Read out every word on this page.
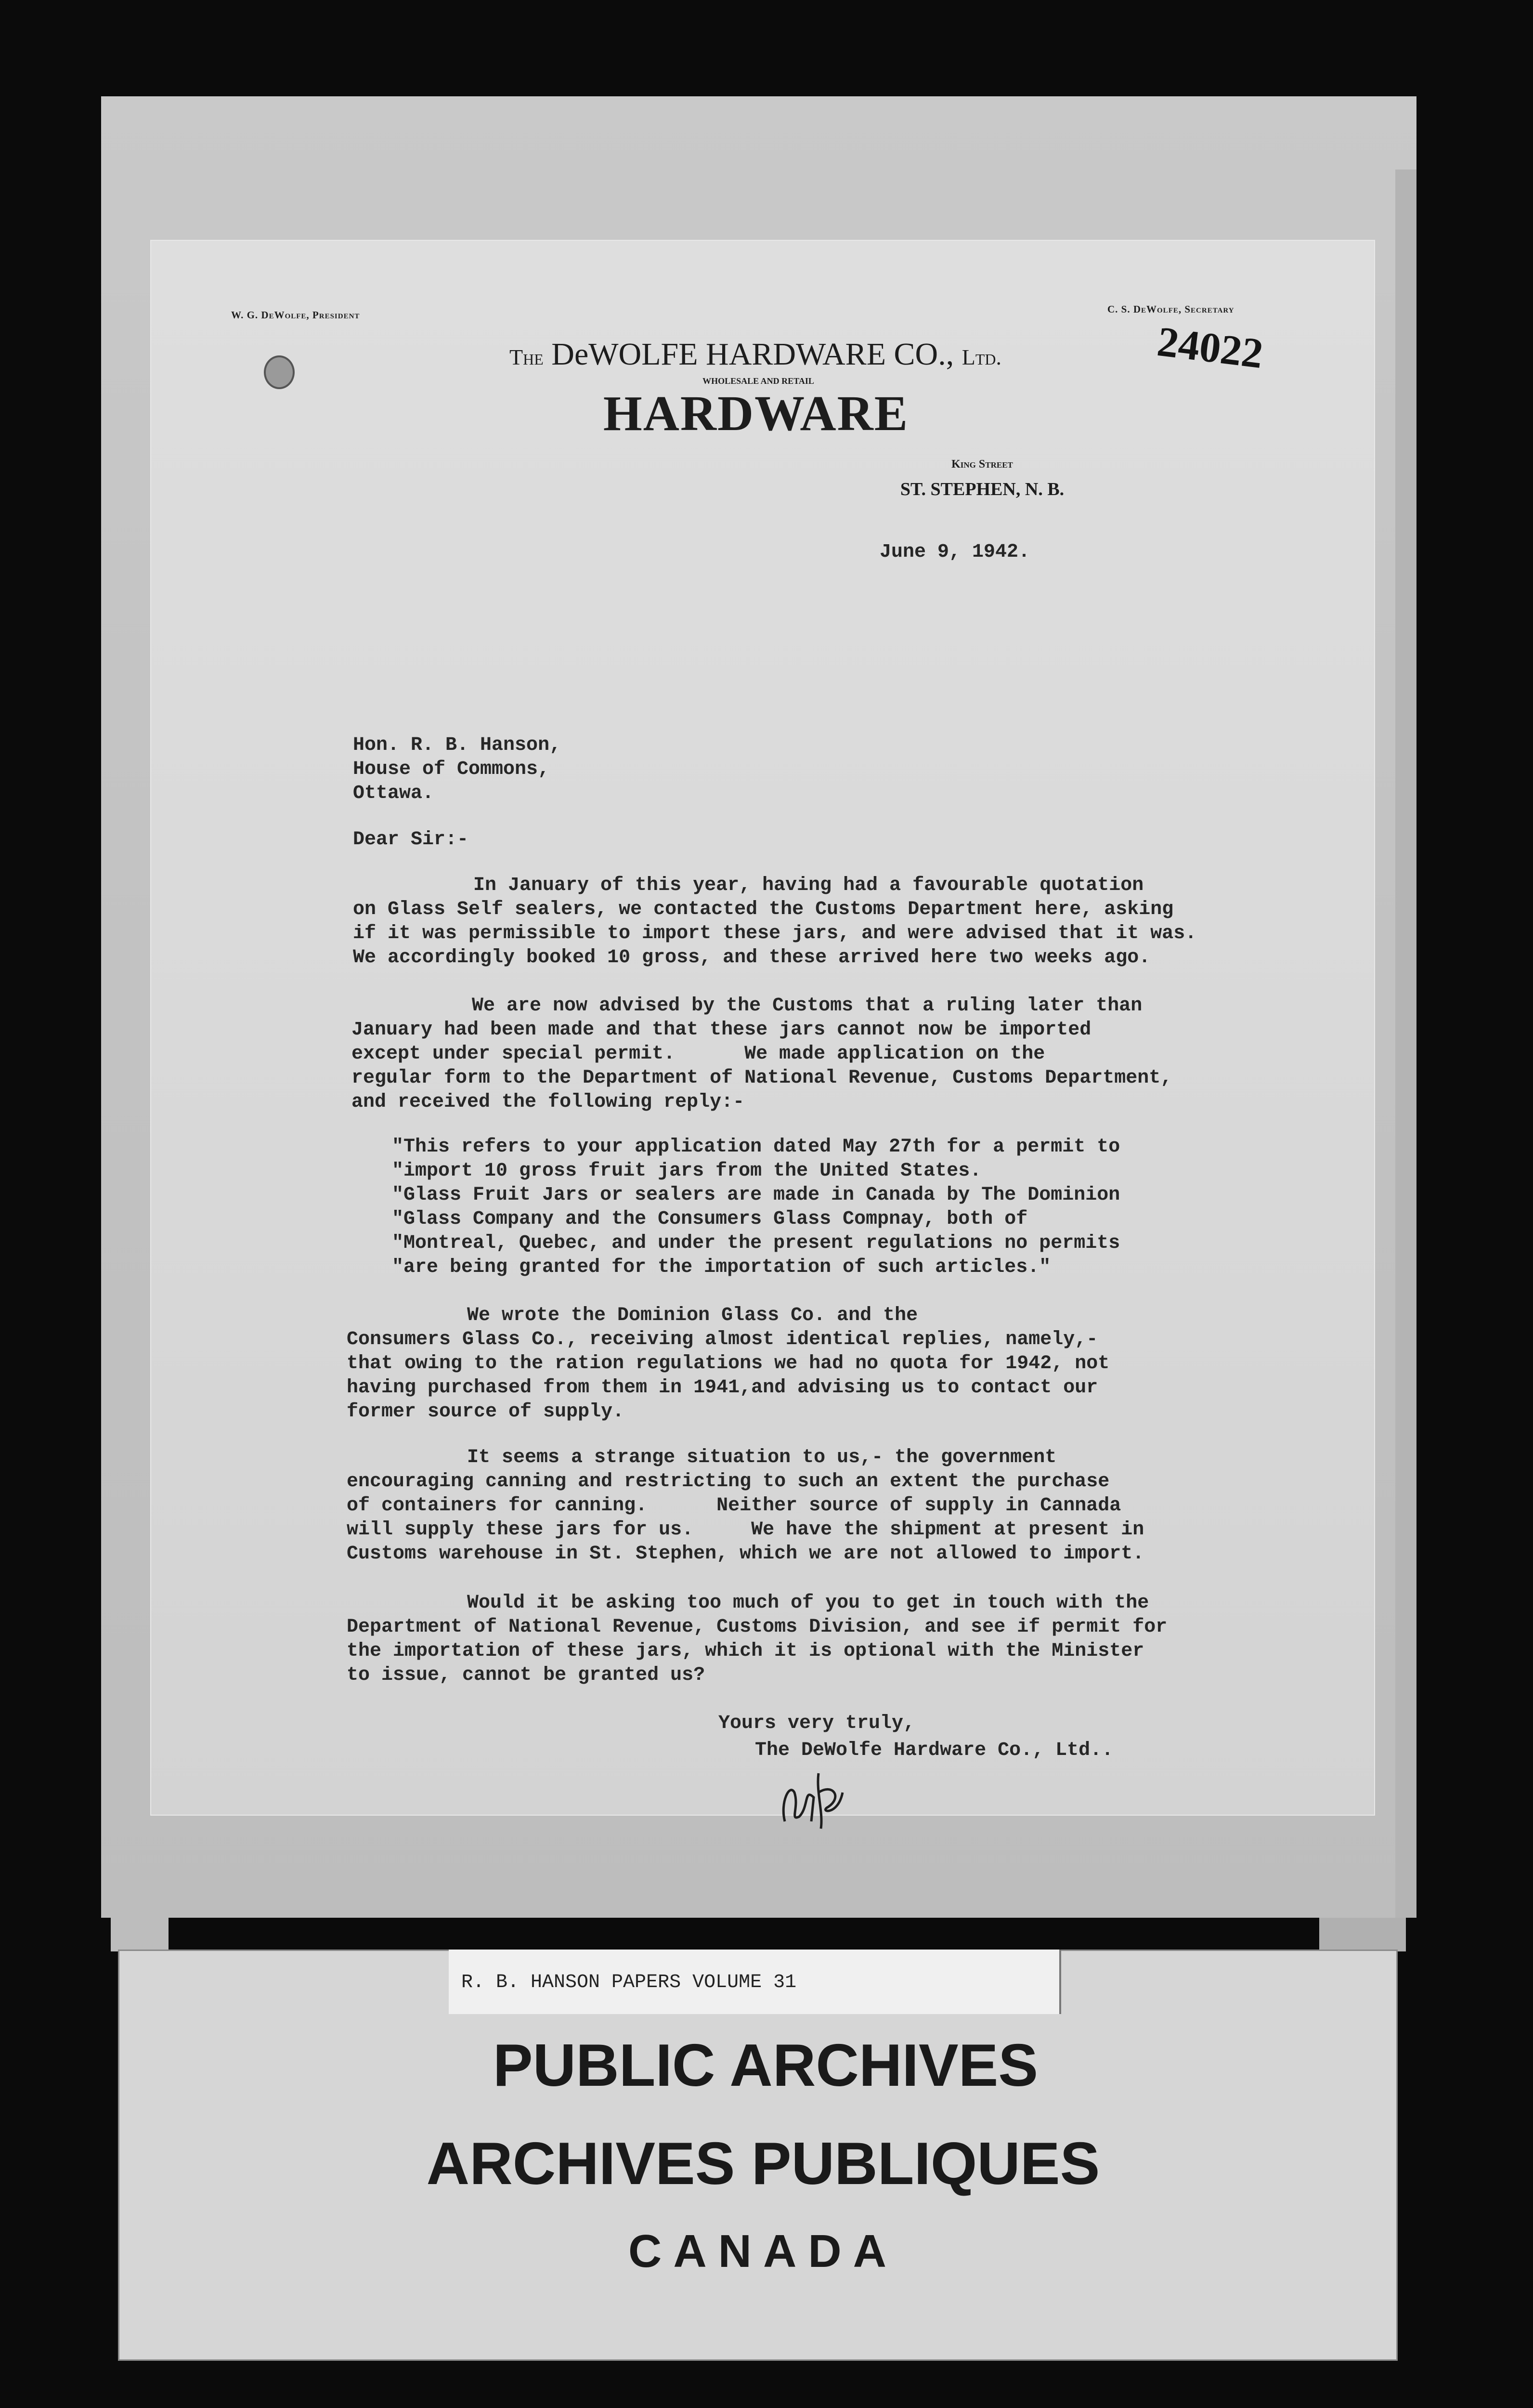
W. G. DeWolfe, President	C. S. DeWolfe, Secretary
24022
The DeWOLFE HARDWARE CO., Ltd.
WHOLESALE AND RETAIL
HARDWARE
King Street
ST. STEPHEN, N. B.
June 9, 1942.
Hon. R. B. Hanson,
House of Commons,
Ottawa.
Dear Sir:-
In January of this year, having had a favourable quotation
on Glass Self sealers, we contacted the Customs Department here, asking
if it was permissible to import these jars, and were advised that it was.
We accordingly booked 10 gross, and these arrived here two weeks ago.
We are now advised by the Customs that a ruling later than
January had been made and that these jars cannot now be imported
except under special permit.      We made application on the
regular form to the Department of National Revenue, Customs Department,
and received the following reply:-
"This refers to your application dated May 27th for a permit to
"import 10 gross fruit jars from the United States.
"Glass Fruit Jars or sealers are made in Canada by The Dominion
"Glass Company and the Consumers Glass Compnay, both of
"Montreal, Quebec, and under the present regulations no permits
"are being granted for the importation of such articles."
We wrote the Dominion Glass Co. and the
Consumers Glass Co., receiving almost identical replies, namely,-
that owing to the ration regulations we had no quota for 1942, not
having purchased from them in 1941,and advising us to contact our
former source of supply.
It seems a strange situation to us,- the government
encouraging canning and restricting to such an extent the purchase
of containers for canning.      Neither source of supply in Cannada
will supply these jars for us.     We have the shipment at present in
Customs warehouse in St. Stephen, which we are not allowed to import.
Would it be asking too much of you to get in touch with the
Department of National Revenue, Customs Division, and see if permit for
the importation of these jars, which it is optional with the Minister
to issue, cannot be granted us?
Yours very truly,
The DeWolfe Hardware Co., Ltd..
R. B. HANSON PAPERS VOLUME 31
PUBLIC ARCHIVES
ARCHIVES PUBLIQUES
CANADA
